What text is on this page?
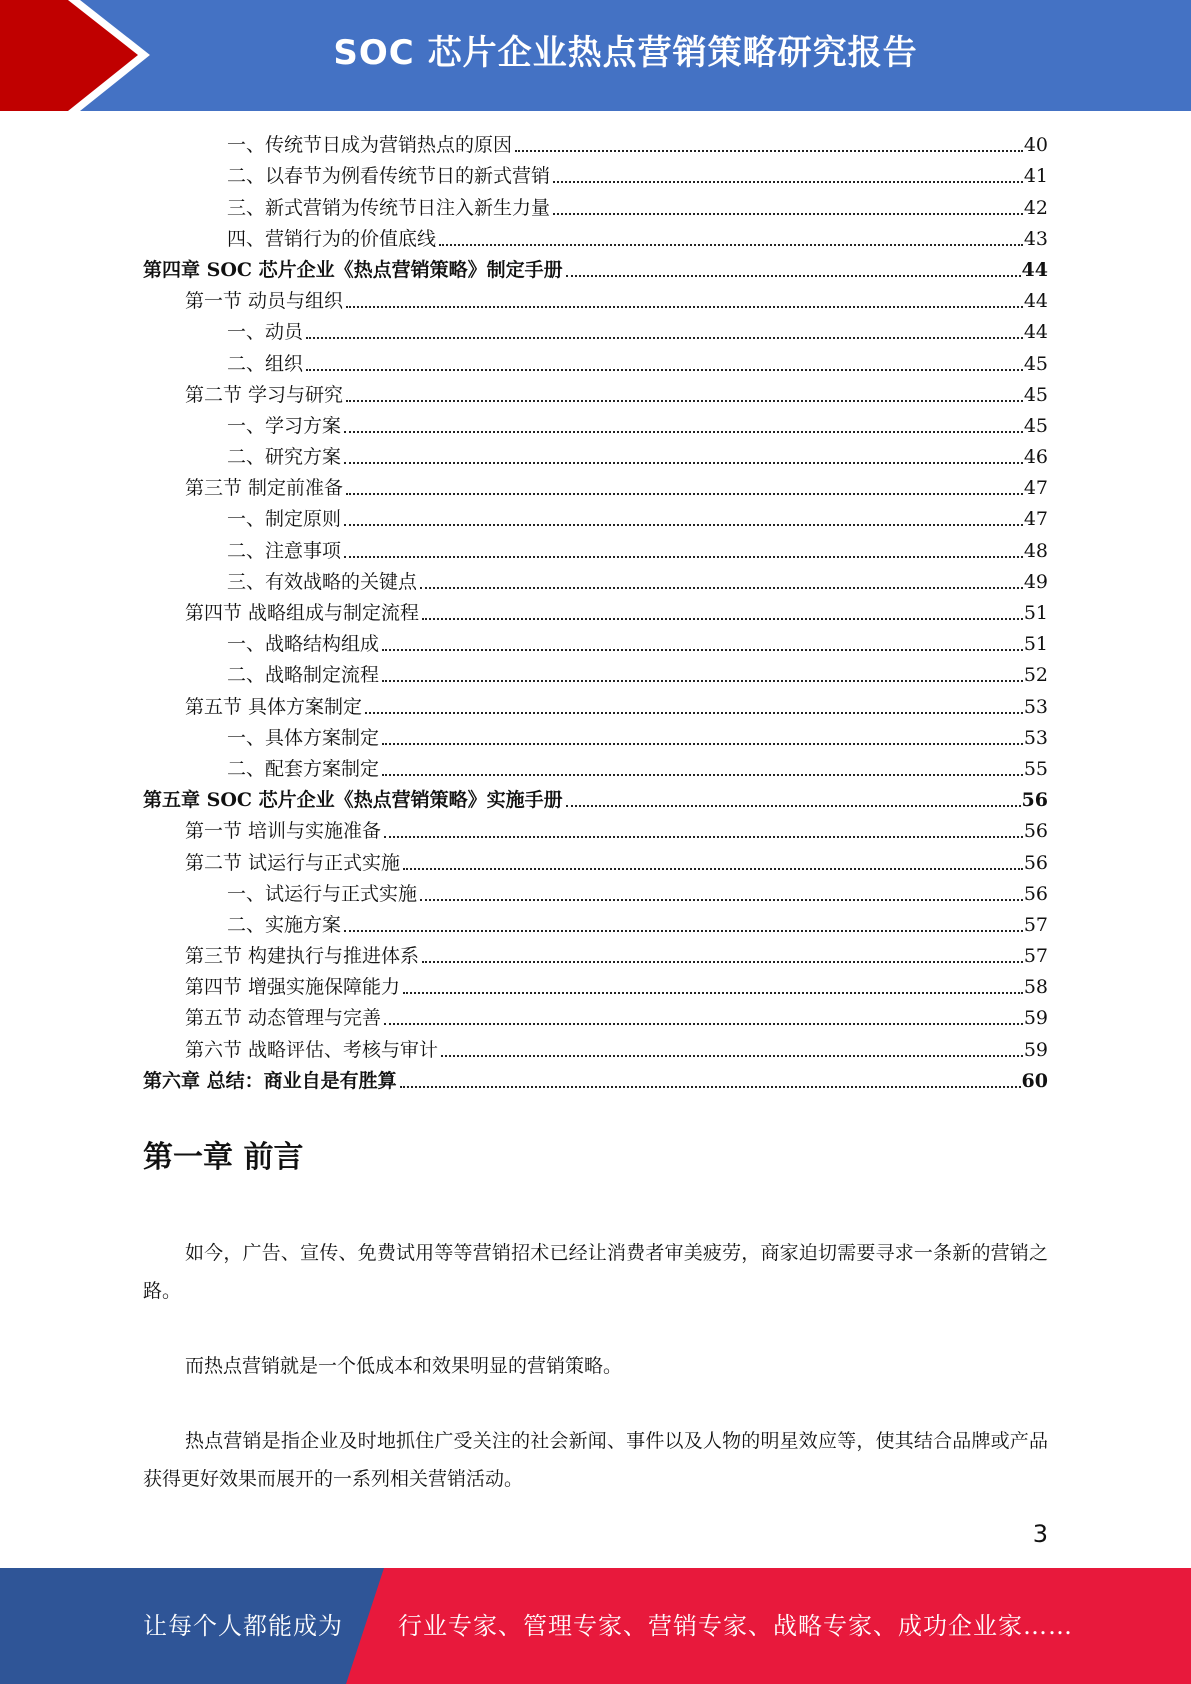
SOC 芯片企业热点营销策略研究报告
一、传统节日成为营销热点的原因	40
二、以春节为例看传统节日的新式营销	41
三、新式营销为传统节日注入新生力量	42
四、营销行为的价值底线	43
第四章 SOC 芯片企业《热点营销策略》制定手册	44
第一节 动员与组织	44
一、动员	44
二、组织	45
第二节 学习与研究	45
一、学习方案	45
二、研究方案	46
第三节 制定前准备	47
一、制定原则	47
二、注意事项	48
三、有效战略的关键点	49
第四节 战略组成与制定流程	51
一、战略结构组成	51
二、战略制定流程	52
第五节 具体方案制定	53
一、具体方案制定	53
二、配套方案制定	55
第五章 SOC 芯片企业《热点营销策略》实施手册	56
第一节 培训与实施准备	56
第二节 试运行与正式实施	56
一、试运行与正式实施	56
二、实施方案	57
第三节 构建执行与推进体系	57
第四节 增强实施保障能力	58
第五节 动态管理与完善	59
第六节 战略评估、考核与审计	59
第六章 总结：商业自是有胜算	60
第一章 前言

如今，广告、宣传、免费试用等等营销招术已经让消费者审美疲劳，商家迫切需要寻求一条新的营销之路。

而热点营销就是一个低成本和效果明显的营销策略。

热点营销是指企业及时地抓住广受关注的社会新闻、事件以及人物的明星效应等，使其结合品牌或产品获得更好效果而展开的一系列相关营销活动。

3
让每个人都能成为 行业专家、管理专家、营销专家、战略专家、成功企业家……
